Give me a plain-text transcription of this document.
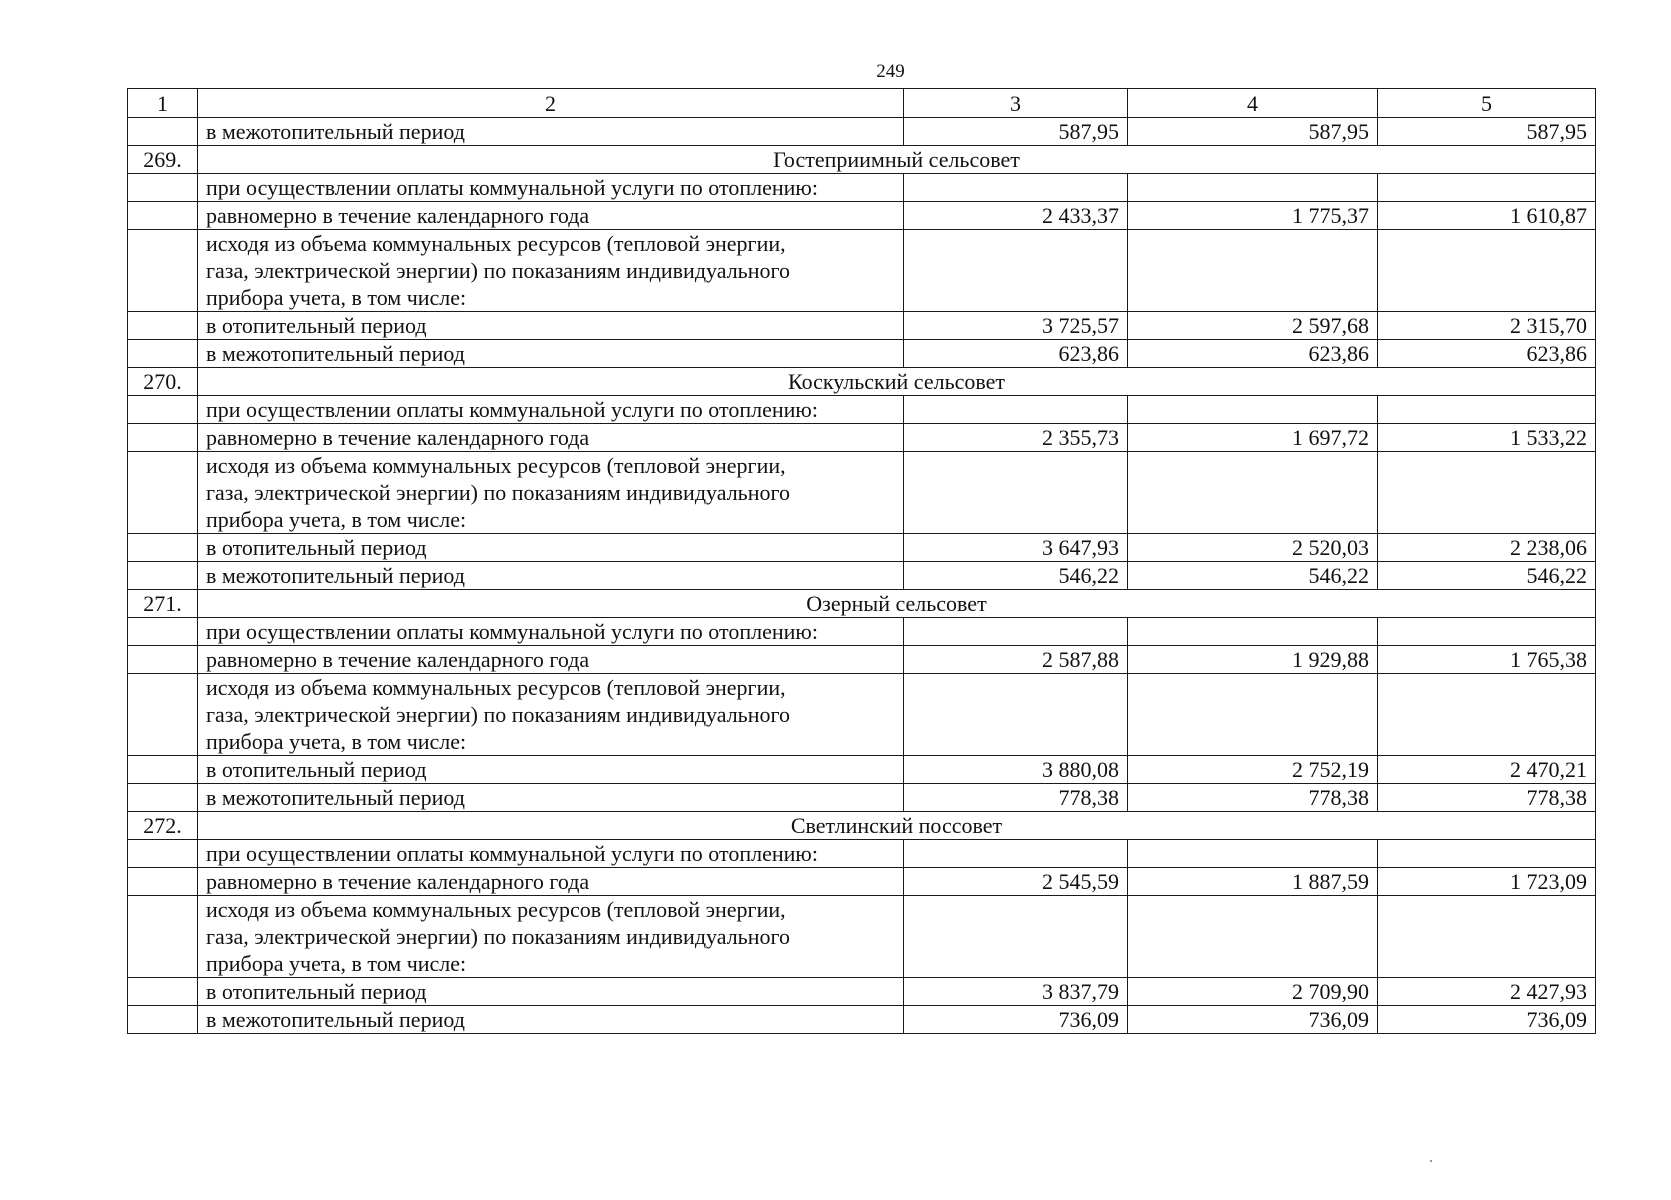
249
1	2	3	4	5
	в межотопительный период	587,95	587,95	587,95
269.	Гостеприимный сельсовет			
	при осуществлении оплаты коммунальной услуги по отоплению:			
	равномерно в течение календарного года	2 433,37	1 775,37	1 610,87
	исходя из объема коммунальных ресурсов (тепловой энергии,
газа, электрической энергии) по показаниям индивидуального
прибора учета, в том числе:			
	в отопительный период	3 725,57	2 597,68	2 315,70
	в межотопительный период	623,86	623,86	623,86
270.	Коскульский сельсовет			
	при осуществлении оплаты коммунальной услуги по отоплению:			
	равномерно в течение календарного года	2 355,73	1 697,72	1 533,22
	исходя из объема коммунальных ресурсов (тепловой энергии,
газа, электрической энергии) по показаниям индивидуального
прибора учета, в том числе:			
	в отопительный период	3 647,93	2 520,03	2 238,06
	в межотопительный период	546,22	546,22	546,22
271.	Озерный сельсовет			
	при осуществлении оплаты коммунальной услуги по отоплению:			
	равномерно в течение календарного года	2 587,88	1 929,88	1 765,38
	исходя из объема коммунальных ресурсов (тепловой энергии,
газа, электрической энергии) по показаниям индивидуального
прибора учета, в том числе:			
	в отопительный период	3 880,08	2 752,19	2 470,21
	в межотопительный период	778,38	778,38	778,38
272.	Светлинский поссовет			
	при осуществлении оплаты коммунальной услуги по отоплению:			
	равномерно в течение календарного года	2 545,59	1 887,59	1 723,09
	исходя из объема коммунальных ресурсов (тепловой энергии,
газа, электрической энергии) по показаниям индивидуального
прибора учета, в том числе:			
	в отопительный период	3 837,79	2 709,90	2 427,93
	в межотопительный период	736,09	736,09	736,09
